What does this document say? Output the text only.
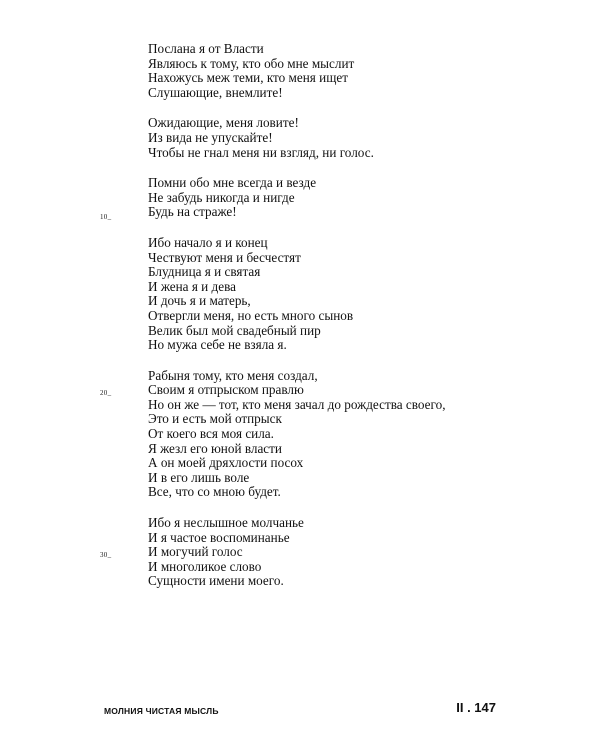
Послана я от Власти
Являюсь к тому, кто обо мне мыслит
Нахожусь меж теми, кто меня ищет
Слушающие, внемлите!
Ожидающие, меня ловите!
Из вида не упускайте!
Чтобы не гнал меня ни взгляд, ни голос.
Помни обо мне всегда и везде
Не забудь никогда и нигде
Будь на страже!
Ибо начало я и конец
Чествуют меня и бесчестят
Блудница я и святая
И жена я и дева
И дочь я и матерь,
Отвергли меня, но есть много сынов
Велик был мой свадебный пир
Но мужа себе не взяла я.
Рабыня тому, кто меня создал,
Своим я отпрыском правлю
Но он же — тот, кто меня зачал до рождества своего,
Это и есть мой отпрыск
От коего вся моя сила.
Я жезл его юной власти
А он моей дряхлости посох
И в его лишь воле
Все, что со мною будет.
Ибо я неслышное молчанье
И я частое воспоминанье
И могучий голос
И многоликое слово
Сущности имени моего.
10_
20_
30_
МОЛНИЯ ЧИСТАЯ МЫСЛЬ	II . 147
